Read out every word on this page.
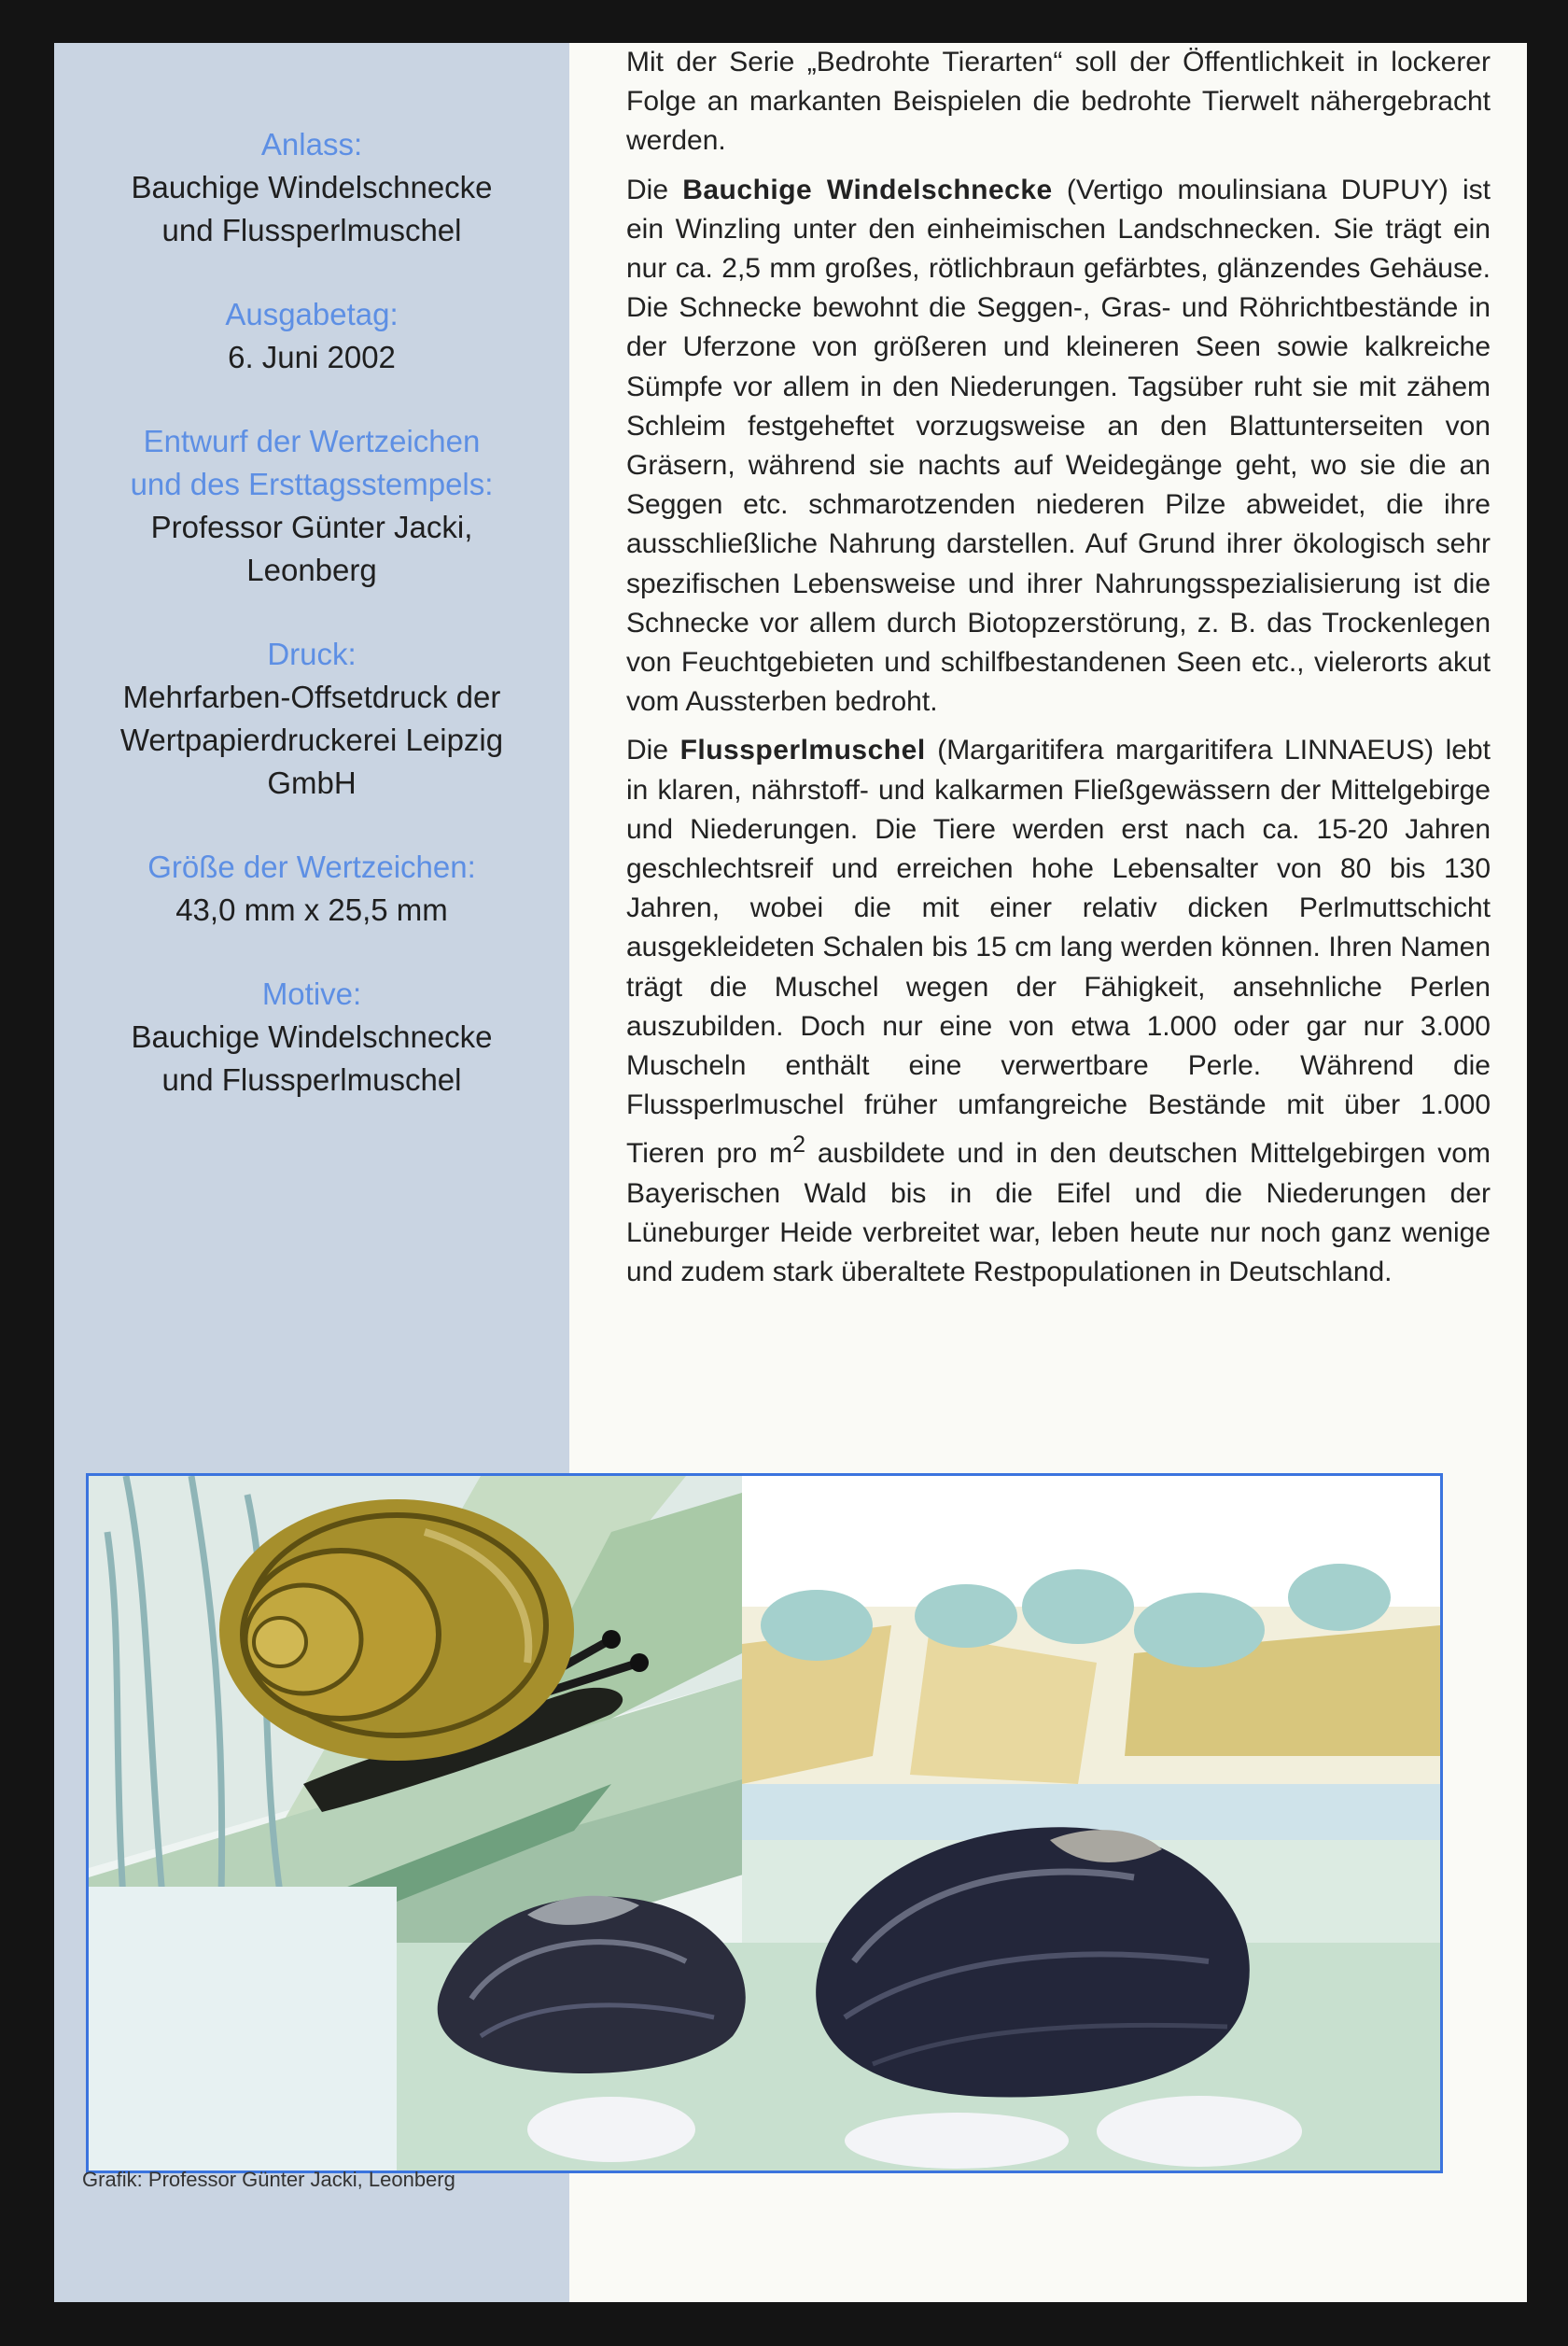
Anlass:
Bauchige Windelschnecke
und Flussperlmuschel
Ausgabetag:
6. Juni 2002
Entwurf der Wertzeichen
und des Ersttagsstempels:
Professor Günter Jacki,
Leonberg
Druck:
Mehrfarben-Offsetdruck der
Wertpapierdruckerei Leipzig
GmbH
Größe der Wertzeichen:
43,0 mm x 25,5 mm
Motive:
Bauchige Windelschnecke
und Flussperlmuschel

Mit der Serie „Bedrohte Tierarten“ soll der Öffentlichkeit in lockerer Folge an markanten Beispielen die bedrohte Tierwelt nähergebracht werden.

Die Bauchige Windelschnecke (Vertigo moulinsiana DUPUY) ist ein Winzling unter den einheimischen Landschnecken. Sie trägt ein nur ca. 2,5 mm großes, rötlichbraun gefärbtes, glänzendes Gehäuse. Die Schnecke bewohnt die Seggen-, Gras- und Röhrichtbestände in der Uferzone von größeren und kleineren Seen sowie kalkreiche Sümpfe vor allem in den Niederungen. Tagsüber ruht sie mit zähem Schleim festgeheftet vorzugsweise an den Blattunterseiten von Gräsern, während sie nachts auf Weidegänge geht, wo sie die an Seggen etc. schmarotzenden niederen Pilze abweidet, die ihre ausschließliche Nahrung darstellen. Auf Grund ihrer ökologisch sehr spezifischen Lebensweise und ihrer Nahrungsspezialisierung ist die Schnecke vor allem durch Biotopzerstörung, z. B. das Trockenlegen von Feuchtgebieten und schilfbestandenen Seen etc., vielerorts akut vom Aussterben bedroht.

Die Flussperlmuschel (Margaritifera margaritifera LINNAEUS) lebt in klaren, nährstoff- und kalkarmen Fließgewässern der Mittelgebirge und Niederungen. Die Tiere werden erst nach ca. 15-20 Jahren geschlechtsreif und erreichen hohe Lebensalter von 80 bis 130 Jahren, wobei die mit einer relativ dicken Perlmuttschicht ausgekleideten Schalen bis 15 cm lang werden können. Ihren Namen trägt die Muschel wegen der Fähigkeit, ansehnliche Perlen auszubilden. Doch nur eine von etwa 1.000 oder gar nur 3.000 Muscheln enthält eine verwertbare Perle. Während die Flussperlmuschel früher umfangreiche Bestände mit über 1.000 Tieren pro $m^2$ ausbildete und in den deutschen Mittelgebirgen vom Bayerischen Wald bis in die Eifel und die Niederungen der Lüneburger Heide verbreitet war, leben heute nur noch ganz wenige und zudem stark überaltete Restpopulationen in Deutschland.

Grafik: Professor Günter Jacki, Leonberg
